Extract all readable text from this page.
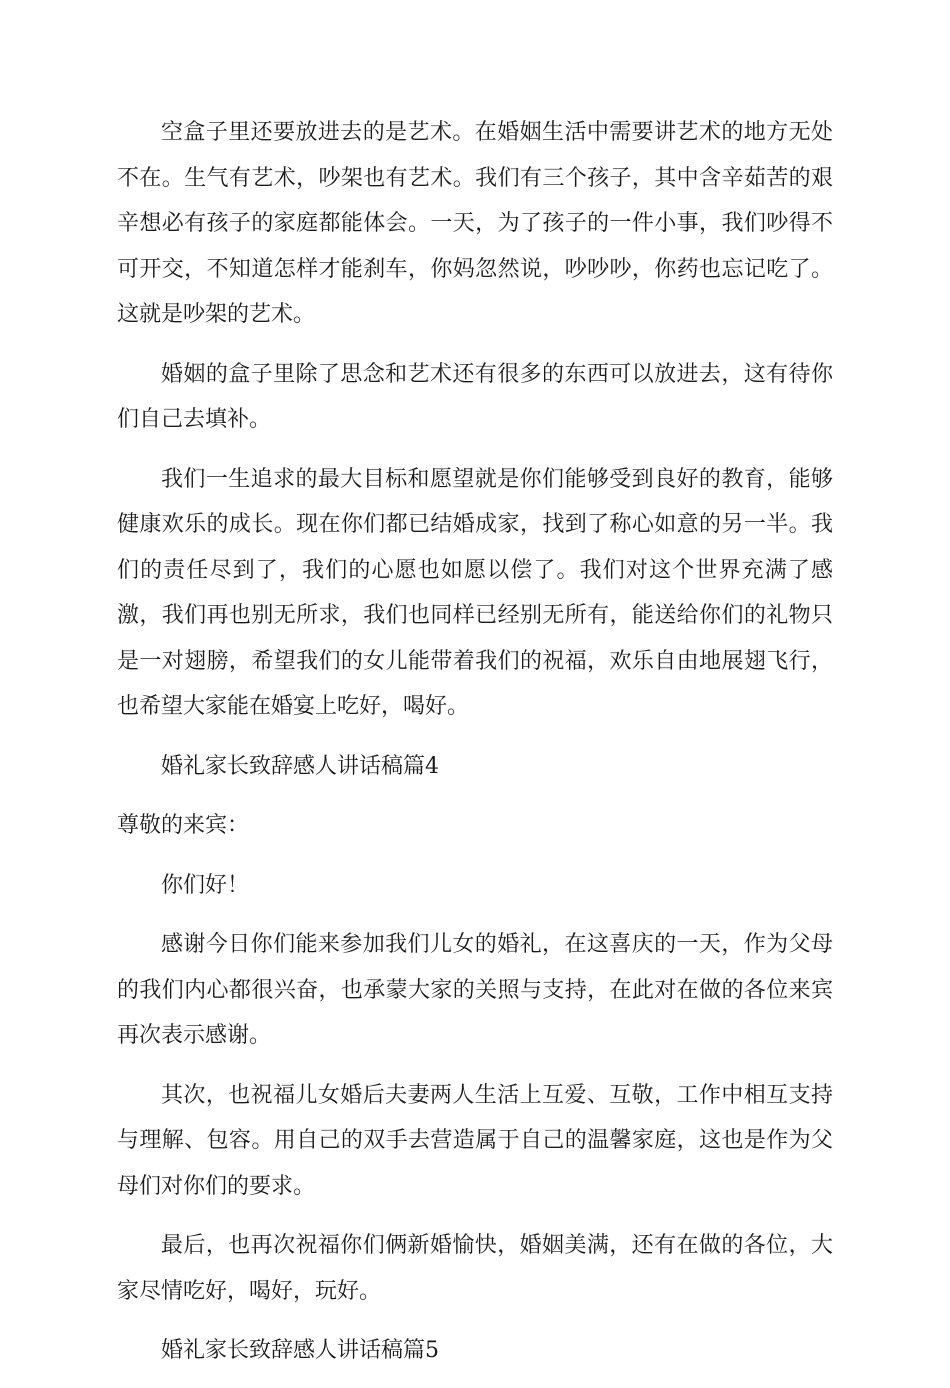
空盒子里还要放进去的是艺术。在婚姻生活中需要讲艺术的地方无处不在。生气有艺术，吵架也有艺术。我们有三个孩子，其中含辛茹苦的艰辛想必有孩子的家庭都能体会。一天，为了孩子的一件小事，我们吵得不可开交，不知道怎样才能刹车，你妈忽然说，吵吵吵，你药也忘记吃了。这就是吵架的艺术。

婚姻的盒子里除了思念和艺术还有很多的东西可以放进去，这有待你们自己去填补。

我们一生追求的最大目标和愿望就是你们能够受到良好的教育，能够健康欢乐的成长。现在你们都已结婚成家，找到了称心如意的另一半。我们的责任尽到了，我们的心愿也如愿以偿了。我们对这个世界充满了感激，我们再也别无所求，我们也同样已经别无所有，能送给你们的礼物只是一对翅膀，希望我们的女儿能带着我们的祝福，欢乐自由地展翅飞行，也希望大家能在婚宴上吃好，喝好。

婚礼家长致辞感人讲话稿篇4

尊敬的来宾：

你们好！

感谢今日你们能来参加我们儿女的婚礼，在这喜庆的一天，作为父母的我们内心都很兴奋，也承蒙大家的关照与支持，在此对在做的各位来宾再次表示感谢。

其次，也祝福儿女婚后夫妻两人生活上互爱、互敬，工作中相互支持与理解、包容。用自己的双手去营造属于自己的温馨家庭，这也是作为父母们对你们的要求。

最后，也再次祝福你们俩新婚愉快，婚姻美满，还有在做的各位，大家尽情吃好，喝好，玩好。

婚礼家长致辞感人讲话稿篇5
